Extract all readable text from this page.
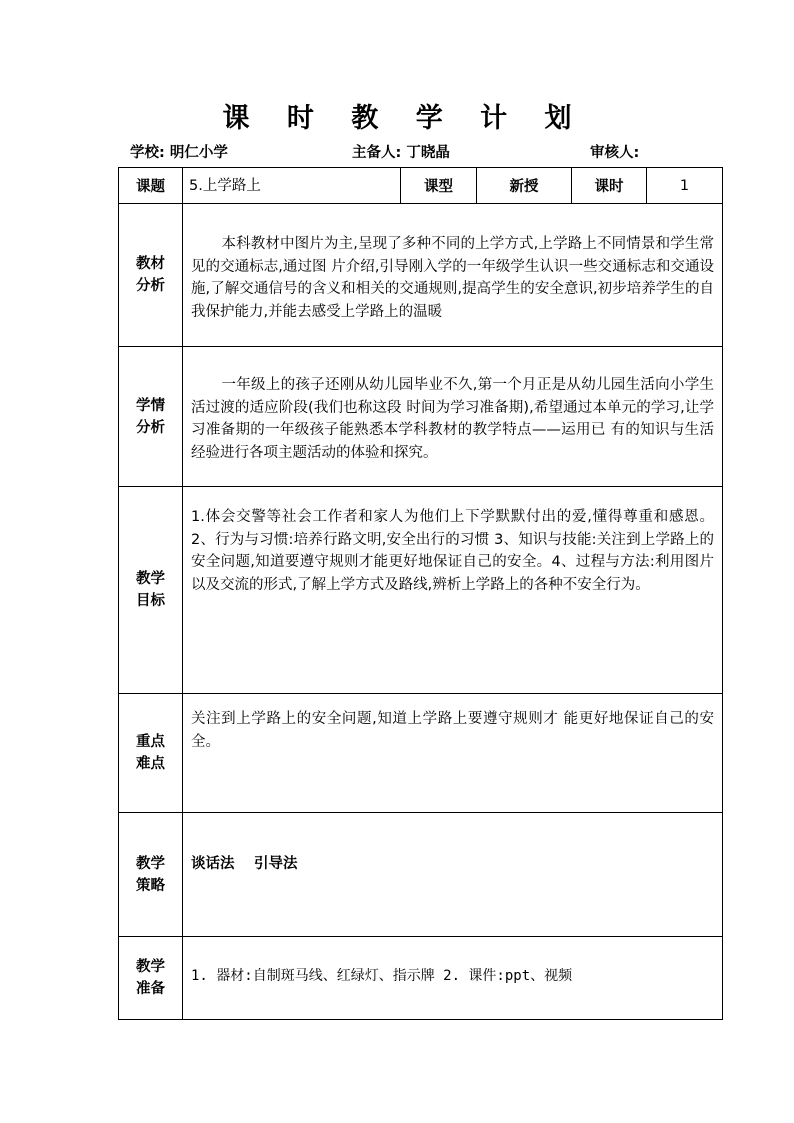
课 时 教 学 计 划
学校: 明仁小学	主备人: 丁晓晶	审核人:
课题	5.上学路上	课型	新授	课时	1

教材
分析	本科教材中图片为主,呈现了多种不同的上学方式,上学路上不同情景和学生常见的交通标志,通过图 片介绍,引导刚入学的一年级学生认识一些交通标志和交通设施,了解交通信号的含义和相关的交通规则,提高学生的安全意识,初步培养学生的自我保护能力,并能去感受上学路上的温暖				

学情
分析	一年级上的孩子还刚从幼儿园毕业不久,第一个月正是从幼儿园生活向小学生活过渡的适应阶段(我们也称这段 时间为学习准备期),希望通过本单元的学习,让学习准备期的一年级孩子能熟悉本学科教材的教学特点——运用已 有的知识与生活经验进行各项主题活动的体验和探究。				

教学
目标	1.体会交警等社会工作者和家人为他们上下学默默付出的爱,懂得尊重和感恩。 2、行为与习惯:培养行路文明,安全出行的习惯 3、知识与技能:关注到上学路上的安全问题,知道要遵守规则才能更好地保证自己的安全。4、过程与方法:利用图片以及交流的形式,了解上学方式及路线,辨析上学路上的各种不安全行为。				

重点
难点	关注到上学路上的安全问题,知道上学路上要遵守规则才 能更好地保证自己的安全。				

教学
策略	谈话法　 引导法				

教学
准备	1. 器材:自制斑马线、红绿灯、指示牌 2. 课件:ppt、视频				
